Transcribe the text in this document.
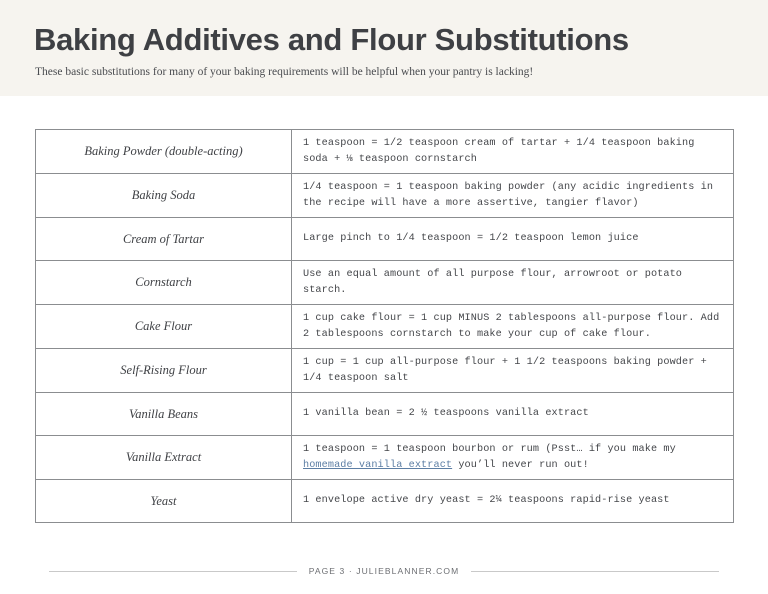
Baking Additives and Flour Substitutions
These basic substitutions for many of your baking requirements will be helpful when your pantry is lacking!
Baking Powder (double-acting)	1 teaspoon = 1/2 teaspoon cream of tartar + 1/4 teaspoon baking soda + ⅛ teaspoon cornstarch

Baking Soda	1/4 teaspoon = 1 teaspoon baking powder (any acidic ingredients in the recipe will have a more assertive, tangier flavor)

Cream of Tartar	Large pinch to 1/4 teaspoon = 1/2 teaspoon lemon juice

Cornstarch	Use an equal amount of all purpose flour, arrowroot or potato starch.

Cake Flour	1 cup cake flour = 1 cup MINUS 2 tablespoons all-purpose flour. Add 2 tablespoons cornstarch to make your cup of cake flour.

Self-Rising Flour	1 cup = 1 cup all-purpose flour + 1 1/2 teaspoons baking powder + 1/4 teaspoon salt

Vanilla Beans	1 vanilla bean = 2 ½ teaspoons vanilla extract

Vanilla Extract	1 teaspoon = 1 teaspoon bourbon or rum (Psst… if you make my homemade vanilla extract you’ll never run out!

Yeast	1 envelope active dry yeast = 2¼ teaspoons rapid-rise yeast
PAGE 3 · JULIEBLANNER.COM
